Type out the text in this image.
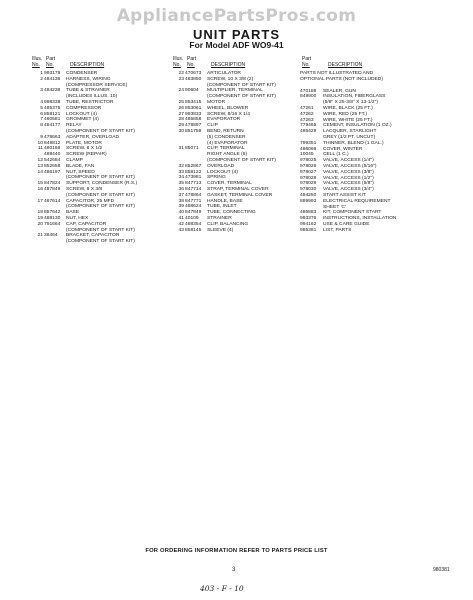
AppliancePartsPros.com
UNIT PARTS
For Model ADF WO9-41
Illus. Part
No. No.	DESCRIPTION
1 993179	CONDENSER
2 484136	HARNESS, WIRING
(COMPRESSOR SERVICE)
3 484238	TUBE & STRAINER
(INCLUDES ILLUS. 10)
4 998338	TUBE, RESTRICTOR
5 485375	COMPRESSOR
6 858121	LOCKOUT (4)
7 460581	GROMMET (4)
8 484177	RELAY
(COMPONENT OF START KIT)
9 478663	ADAPTER, OVERLOAD
10 849812	PLATE, MOTOR
11 480166	SCREW, 8 X 1/2
488440	SCREW (REPAIR)
12 542684	CLAMP
13 852658	BLADE, FAN
14 486197	NUT, SPEED
(COMPONENT OF START KIT)
15 847824	SUPPORT, CONDENSER (R.S.)
16 487849	SCREW, 8 X 3/8
(COMPONENT OF START KIT)
17 467614	CAPACITOR, 25 MFD
(COMPONENT OF START KIT)
18 857642	BASE
19 488130	NUT, HEX
20 791664	CAP, CAPACITOR
(COMPONENT OF START KIT)
21 36464	BRACKET, CAPACITOR
(COMPONENT OF START KIT)
Illus. Part
No. No.	DESCRIPTION
22 470673	ARTICULATOR
23 483850	SCREW, 10 X 3/8 (2)
(COMPONENT OF START KIT)
24 90604	MULTIPLIER, TERMINAL
(COMPONENT OF START KIT)
25 853415	MOTOR
26 853061	WHEEL, BLOWER
27 993833	SCREW, 8/16 X 1/4
28 485858	EVAPORATOR
29 478897	CLIP
30 851759	BEND, RETURN
(5) CONDENSER
(4) EVAPORATOR
31 85071	CLIP, TERMINAL
RIGHT ANGLE (6)
(COMPONENT OF START KIT)
32 852867	OVERLOAD
33 858122	LOCKOUT (4)
34 473981	SPRING
35 847713	COVER, TERMINAL
36 847714	STRAP, TERMINAL COVER
37 478864	GASKET, TERMINAL COVER
38 847771	HANDLE, BASE
39 488624	TUBE, INLET
40 847849	TUBE, CONNECTING
41 40109	STRAINER
42 488354	CLIP, BALANCING
43 858145	SLEEVE (4)
Part
No.	DESCRIPTION
PARTS NOT ILLUSTRATED AND
OPTIONAL PARTS (NOT INCLUDED)
470188	SEALER, GUN
849900	INSULATION, FIBERGLASS
(5/8" X 25-3/8" X 13-1/2")
47261	WIRE, BLACK (25 FT.)
47262	WIRE, RED (25 FT.)
47263	WIRE, WHITE (25 FT.)
779465	CEMENT, INSULATION (1 OZ.)
485429	LACQUER, STARLIGHT
GREY (1/2 PT. UNCUT)
799351	THINNER, BLEND (1 GAL.)
486066	COVER, WINTER
10045	CELL (1 C.)
978025	VALVE, ACCESS (1/4")
978026	VALVE, ACCESS (5/16")
978027	VALVE, ACCESS (3/8")
978028	VALVE, ACCESS (1/2")
978029	VALVE, ACCESS (5/8")
978030	VALVE, ACCESS (3/4")
484250	START ASSIST KIT
889993	ELECTRICAL REQUIREMENT
SHEET 'C'
485883	KIT, COMPONENT START
993376	INSTRUCTIONS, INSTALLATION
994162	USE & CARE GUIDE
985381	LIST, PARTS
FOR ORDERING INFORMATION REFER TO PARTS PRICE LIST
3	980381
403 - F - 10
